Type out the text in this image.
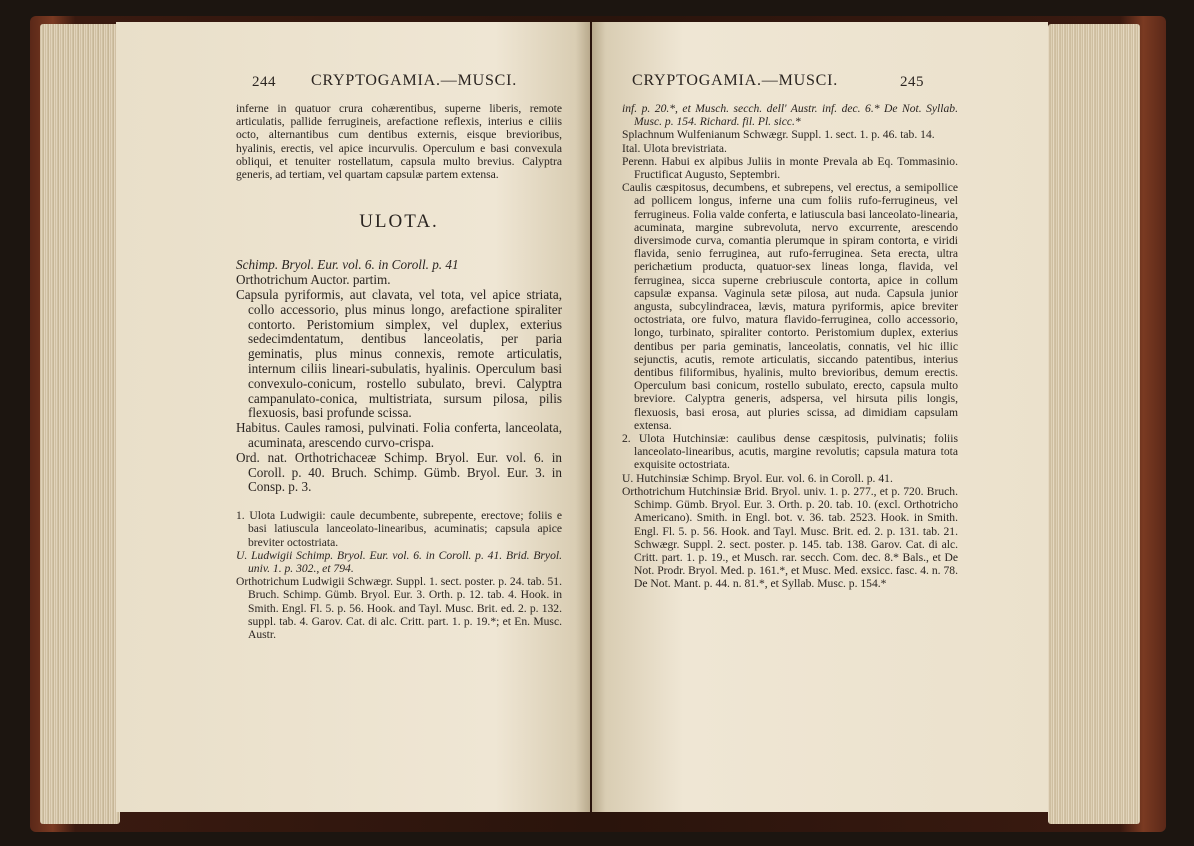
244 CRYPTOGAMIA.—MUSCI.

inferne in quatuor crura cohærentibus, superne liberis, remote articulatis, pallide ferrugineis, arefactione reflexis, interius e ciliis octo, alternantibus cum dentibus externis, eisque brevioribus, hyalinis, erectis, vel apice incurvulis. Operculum e basi convexula obliqui, et tenuiter rostellatum, capsula multo brevius. Calyptra generis, ad tertiam, vel quartam capsulæ partem extensa.

ULOTA.

Schimp. Bryol. Eur. vol. 6. in Coroll. p. 41

Orthotrichum Auctor. partim.

Capsula pyriformis, aut clavata, vel tota, vel apice striata, collo accessorio, plus minus longo, arefactione spiraliter contorto. Peristomium simplex, vel duplex, exterius sedecimdentatum, dentibus lanceolatis, per paria geminatis, plus minus connexis, remote articulatis, internum ciliis lineari-subulatis, hyalinis. Operculum basi convexulo-conicum, rostello subulato, brevi. Calyptra campanulato-conica, multistriata, sursum pilosa, pilis flexuosis, basi profunde scissa.

Habitus. Caules ramosi, pulvinati. Folia conferta, lanceolata, acuminata, arescendo curvo-crispa.

Ord. nat. Orthotrichaceæ Schimp. Bryol. Eur. vol. 6. in Coroll. p. 40. Bruch. Schimp. Gümb. Bryol. Eur. 3. in Consp. p. 3.

1. Ulota Ludwigii: caule decumbente, subrepente, erectove; foliis e basi latiuscula lanceolato-linearibus, acuminatis; capsula apice breviter octostriata.

U. Ludwigii Schimp. Bryol. Eur. vol. 6. in Coroll. p. 41. Brid. Bryol. univ. 1. p. 302., et 794.

Orthotrichum Ludwigii Schwægr. Suppl. 1. sect. poster. p. 24. tab. 51. Bruch. Schimp. Gümb. Bryol. Eur. 3. Orth. p. 12. tab. 4. Hook. in Smith. Engl. Fl. 5. p. 56. Hook. and Tayl. Musc. Brit. ed. 2. p. 132. suppl. tab. 4. Garov. Cat. di alc. Critt. part. 1. p. 19.*; et En. Musc. Austr.

CRYPTOGAMIA.—MUSCI.	245

inf. p. 20.*, et Musch. secch. dell' Austr. inf. dec. 6.* De Not. Syllab. Musc. p. 154. Richard. fil. Pl. sicc.*

Splachnum Wulfenianum Schwægr. Suppl. 1. sect. 1. p. 46. tab. 14.

Ital. Ulota brevistriata.

Perenn. Habui ex alpibus Juliis in monte Prevala ab Eq. Tommasinio. Fructificat Augusto, Septembri.

Caulis cæspitosus, decumbens, et subrepens, vel erectus, a semipollice ad pollicem longus, inferne una cum foliis rufo-ferrugineus, vel ferrugineus. Folia valde conferta, e latiuscula basi lanceolato-linearia, acuminata, margine subrevoluta, nervo excurrente, arescendo diversimode curva, comantia plerumque in spiram contorta, e viridi flavida, senio ferruginea, aut rufo-ferruginea. Seta erecta, ultra perichætium producta, quatuor-sex lineas longa, flavida, vel ferruginea, sicca superne crebriuscule contorta, apice in collum capsulæ expansa. Vaginula setæ pilosa, aut nuda. Capsula junior angusta, subcylindracea, lævis, matura pyriformis, apice breviter octostriata, ore fulvo, matura flavido-ferruginea, collo accessorio, longo, turbinato, spiraliter contorto. Peristomium duplex, exterius dentibus per paria geminatis, lanceolatis, connatis, vel hic illic sejunctis, acutis, remote articulatis, siccando patentibus, interius dentibus filiformibus, hyalinis, multo brevioribus, demum erectis. Operculum basi conicum, rostello subulato, erecto, capsula multo breviore. Calyptra generis, adspersa, vel hirsuta pilis longis, flexuosis, basi erosa, aut pluries scissa, ad dimidiam capsulam extensa.

2. Ulota Hutchinsiæ: caulibus dense cæspitosis, pulvinatis; foliis lanceolato-linearibus, acutis, margine revolutis; capsula matura tota exquisite octostriata.

U. Hutchinsiæ Schimp. Bryol. Eur. vol. 6. in Coroll. p. 41.

Orthotrichum Hutchinsiæ Brid. Bryol. univ. 1. p. 277., et p. 720. Bruch. Schimp. Gümb. Bryol. Eur. 3. Orth. p. 20. tab. 10. (excl. Orthotricho Americano). Smith. in Engl. bot. v. 36. tab. 2523. Hook. in Smith. Engl. Fl. 5. p. 56. Hook. and Tayl. Musc. Brit. ed. 2. p. 131. tab. 21. Schwægr. Suppl. 2. sect. poster. p. 145. tab. 138. Garov. Cat. di alc. Critt. part. 1. p. 19., et Musch. rar. secch. Com. dec. 8.* Bals., et De Not. Prodr. Bryol. Med. p. 161.*, et Musc. Med. exsicc. fasc. 4. n. 78. De Not. Mant. p. 44. n. 81.*, et Syllab. Musc. p. 154.*
